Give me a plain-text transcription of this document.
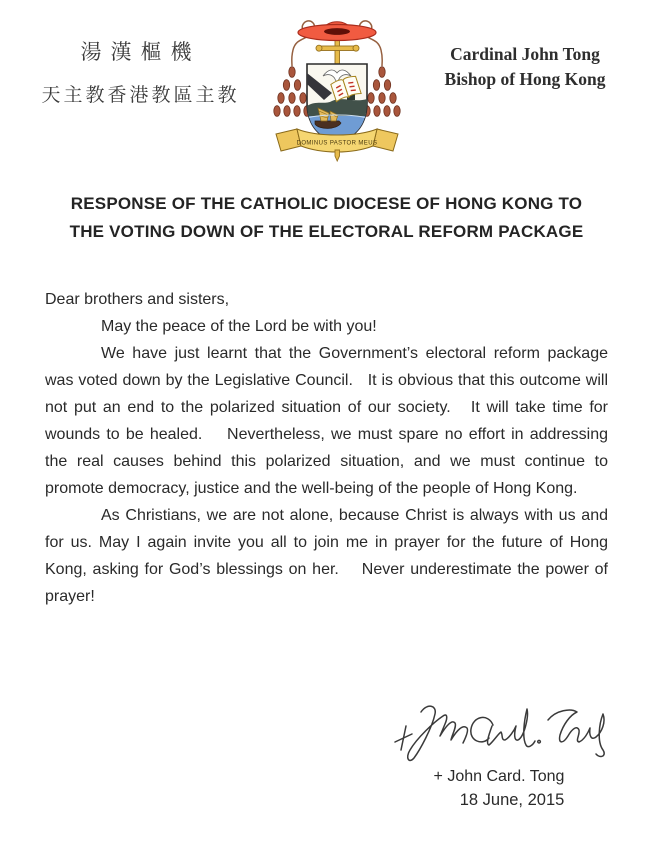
湯漢樞機
天主教香港教區主教
DOMINUS PASTOR MEUS
Cardinal John Tong
Bishop of Hong Kong
RESPONSE OF THE CATHOLIC DIOCESE OF HONG KONG TO
THE VOTING DOWN OF THE ELECTORAL REFORM PACKAGE

Dear brothers and sisters,

May the peace of the Lord be with you!

We have just learnt that the Government’s electoral reform package was voted down by the Legislative Council.   It is obvious that this outcome will not put an end to the polarized situation of our society.   It will take time for wounds to be healed.    Nevertheless, we must spare no effort in addressing the real causes behind this polarized situation, and we must continue to promote democracy, justice and the well-being of the people of Hong Kong.

As Christians, we are not alone, because Christ is always with us and for us. May I again invite you all to join me in prayer for the future of Hong Kong, asking for God’s blessings on her.    Never underestimate the power of prayer!

+ John Card. Tong
18 June, 2015
